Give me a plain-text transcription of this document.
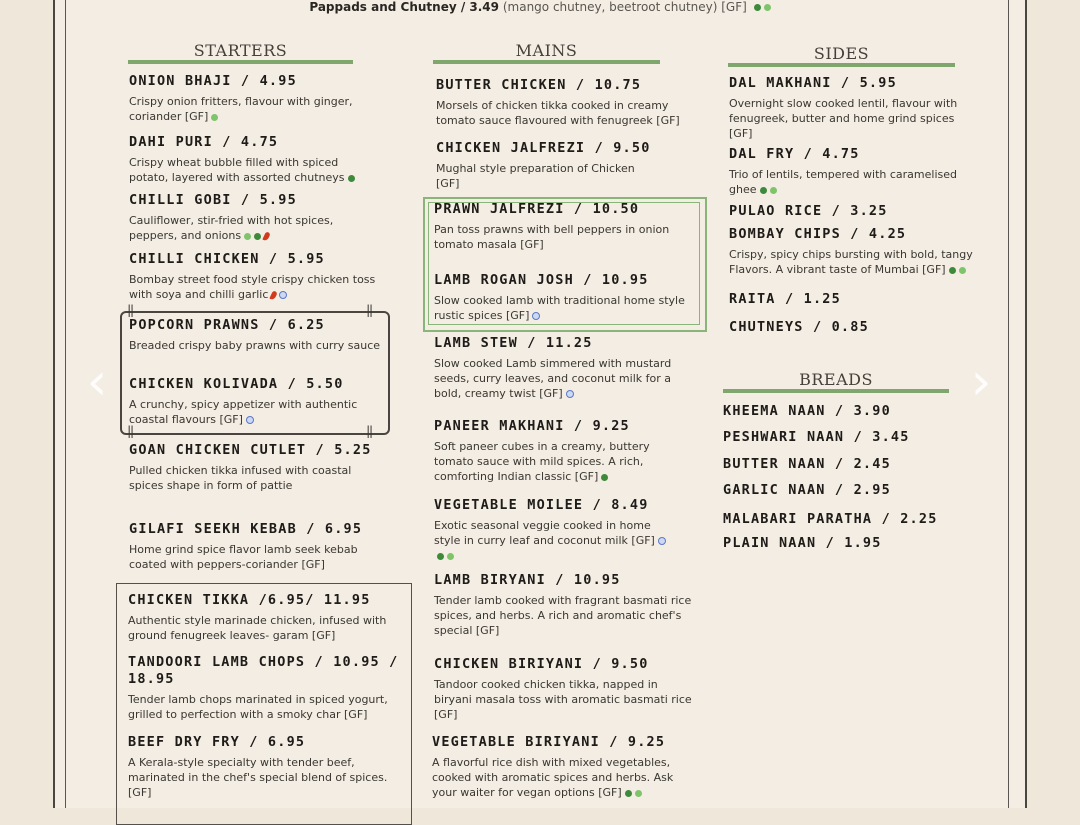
Pappads and Chutney / 3.49 (mango chutney, beetroot chutney) [GF]
STARTERS
ONION BHAJI / 4.95
Crispy onion fritters, flavour with ginger, coriander [GF]
DAHI PURI / 4.75
Crispy wheat bubble filled with spiced potato, layered with assorted chutneys
CHILLI GOBI / 5.95
Cauliflower, stir-fried with hot spices, peppers, and onions
CHILLI CHICKEN / 5.95
Bombay street food style crispy chicken toss with soya and chilli garlic
‖	‖
‖	‖
POPCORN PRAWNS / 6.25
Breaded crispy baby prawns with curry sauce
CHICKEN KOLIVADA / 5.50
A crunchy, spicy appetizer with authentic coastal flavours [GF]
GOAN CHICKEN CUTLET / 5.25
Pulled chicken tikka infused with coastal spices shape in form of pattie
GILAFI SEEKH KEBAB / 6.95
Home grind spice flavor lamb seek kebab coated with peppers-coriander [GF]
CHICKEN TIKKA /6.95/ 11.95
Authentic style marinade chicken, infused with ground fenugreek leaves- garam [GF]
TANDOORI LAMB CHOPS / 10.95 / 18.95
Tender lamb chops marinated in spiced yogurt, grilled to perfection with a smoky char [GF]
BEEF DRY FRY / 6.95
A Kerala-style specialty with tender beef, marinated in the chef's special blend of spices. [GF]
MAINS
BUTTER CHICKEN / 10.75
Morsels of chicken tikka cooked in creamy tomato sauce flavoured with fenugreek [GF]
CHICKEN JALFREZI / 9.50
Mughal style preparation of Chicken [GF]
PRAWN JALFREZI / 10.50
Pan toss prawns with bell peppers in onion tomato masala [GF]
LAMB ROGAN JOSH / 10.95
Slow cooked lamb with traditional home style rustic spices [GF]
LAMB STEW / 11.25
Slow cooked Lamb simmered with mustard seeds, curry leaves, and coconut milk for a bold, creamy twist [GF]
PANEER MAKHANI / 9.25
Soft paneer cubes in a creamy, buttery tomato sauce with mild spices. A rich, comforting Indian classic [GF]
VEGETABLE MOILEE / 8.49
Exotic seasonal veggie cooked in home style in curry leaf and coconut milk [GF]
LAMB BIRYANI / 10.95
Tender lamb cooked with fragrant basmati rice spices, and herbs. A rich and aromatic chef's special [GF]
CHICKEN BIRIYANI / 9.50
Tandoor cooked chicken tikka, napped in biryani masala toss with aromatic basmati rice [GF]
VEGETABLE BIRIYANI / 9.25
A flavorful rice dish with mixed vegetables, cooked with aromatic spices and herbs. Ask your waiter for vegan options [GF]
SIDES
DAL MAKHANI / 5.95
Overnight slow cooked lentil, flavour with fenugreek, butter and home grind spices [GF]
DAL FRY / 4.75
Trio of lentils, tempered with caramelised ghee
PULAO RICE / 3.25
BOMBAY CHIPS / 4.25
Crispy, spicy chips bursting with bold, tangy Flavors. A vibrant taste of Mumbai [GF]
RAITA / 1.25
CHUTNEYS / 0.85
BREADS
KHEEMA NAAN / 3.90
PESHWARI NAAN / 3.45
BUTTER NAAN / 2.45
GARLIC NAAN / 2.95
MALABARI PARATHA / 2.25
PLAIN NAAN / 1.95
‹	›
